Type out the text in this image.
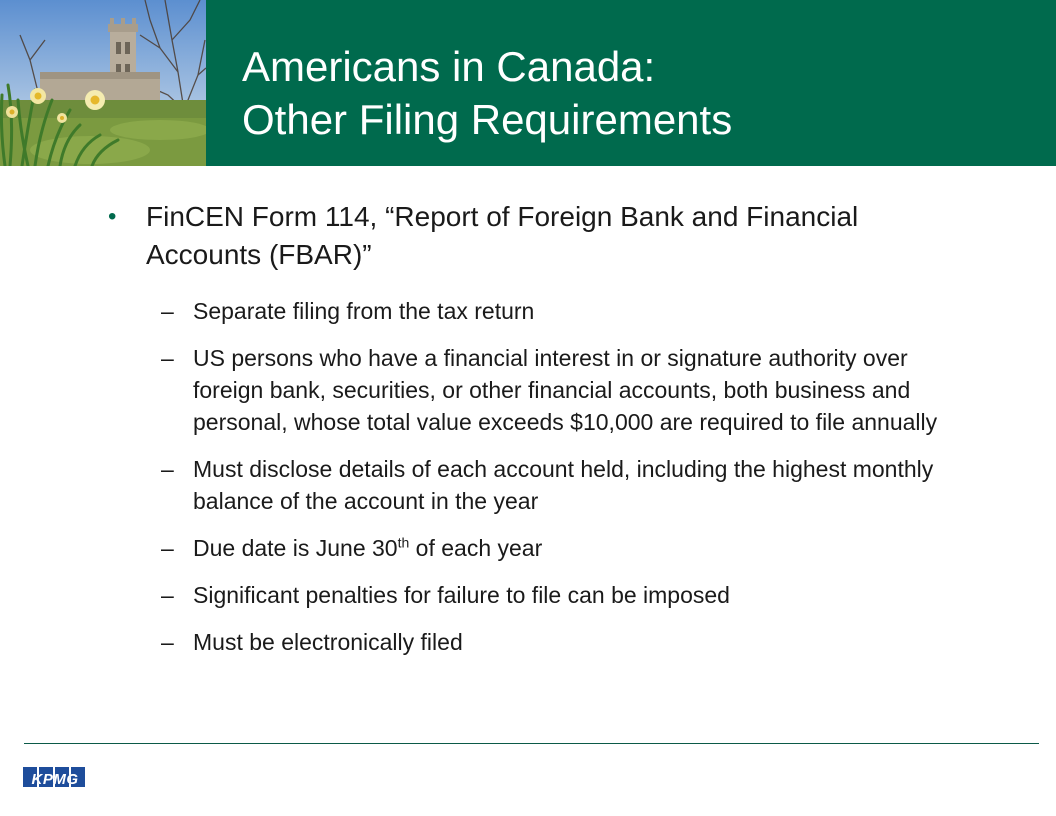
Americans in Canada:
Other Filing Requirements
• FinCEN Form 114, “Report of Foreign Bank and Financial Accounts (FBAR)”
– Separate filing from the tax return
– US persons who have a financial interest in or signature authority over foreign bank, securities, or other financial accounts, both business and personal, whose total value exceeds $10,000 are required to file annually
– Must disclose details of each account held, including the highest monthly balance of the account in the year
– Due date is June 30th of each year
– Significant penalties for failure to file can be imposed
– Must be electronically filed
KPMG
